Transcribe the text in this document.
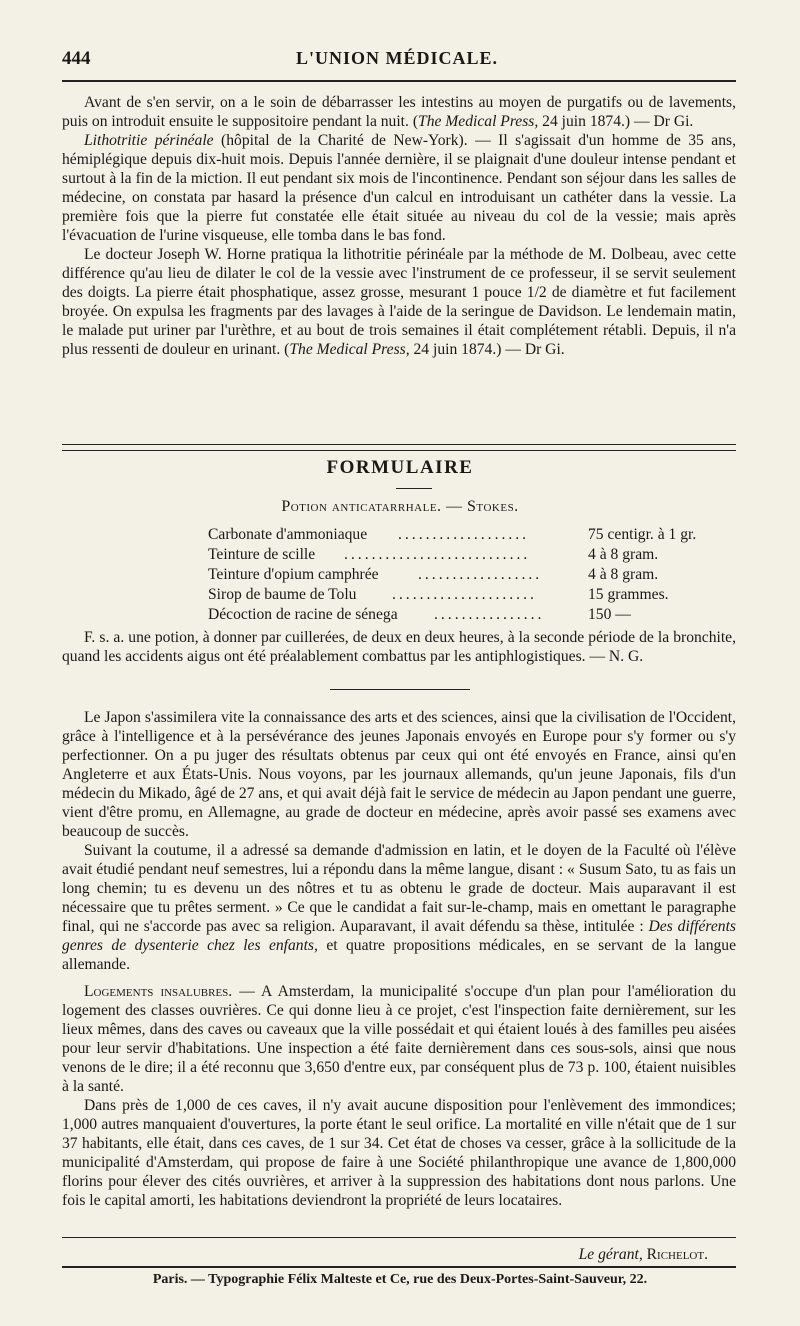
444	L'UNION MÉDICALE.

Avant de s'en servir, on a le soin de débarrasser les intestins au moyen de purgatifs ou de lavements, puis on introduit ensuite le suppositoire pendant la nuit. (The Medical Press, 24 juin 1874.) — Dr Gi.

Lithotritie périnéale (hôpital de la Charité de New-York). — Il s'agissait d'un homme de 35 ans, hémiplégique depuis dix-huit mois. Depuis l'année dernière, il se plaignait d'une douleur intense pendant et surtout à la fin de la miction. Il eut pendant six mois de l'incontinence. Pendant son séjour dans les salles de médecine, on constata par hasard la présence d'un calcul en introduisant un cathéter dans la vessie. La première fois que la pierre fut constatée elle était située au niveau du col de la vessie; mais après l'évacuation de l'urine visqueuse, elle tomba dans le bas fond.

Le docteur Joseph W. Horne pratiqua la lithotritie périnéale par la méthode de M. Dolbeau, avec cette différence qu'au lieu de dilater le col de la vessie avec l'instrument de ce professeur, il se servit seulement des doigts. La pierre était phosphatique, assez grosse, mesurant 1 pouce 1/2 de diamètre et fut facilement broyée. On expulsa les fragments par des lavages à l'aide de la seringue de Davidson. Le lendemain matin, le malade put uriner par l'urèthre, et au bout de trois semaines il était complétement rétabli. Depuis, il n'a plus ressenti de douleur en urinant. (The Medical Press, 24 juin 1874.) — Dr Gi.

FORMULAIRE
Potion anticatarrhale. — Stokes.
Carbonate d'ammoniaque ...................	75 centigr. à 1 gr.
Teinture de scille ...........................	4 à 8 gram.
Teinture d'opium camphrée	..................	4 à 8 gram.
Sirop de baume de Tolu .....................	15 grammes.
Décoction de racine de sénega ................	150 —

F. s. a. une potion, à donner par cuillerées, de deux en deux heures, à la seconde période de la bronchite, quand les accidents aigus ont été préalablement combattus par les antiphlogistiques. — N. G.

Le Japon s'assimilera vite la connaissance des arts et des sciences, ainsi que la civilisation de l'Occident, grâce à l'intelligence et à la persévérance des jeunes Japonais envoyés en Europe pour s'y former ou s'y perfectionner. On a pu juger des résultats obtenus par ceux qui ont été envoyés en France, ainsi qu'en Angleterre et aux États-Unis. Nous voyons, par les journaux allemands, qu'un jeune Japonais, fils d'un médecin du Mikado, âgé de 27 ans, et qui avait déjà fait le service de médecin au Japon pendant une guerre, vient d'être promu, en Allemagne, au grade de docteur en médecine, après avoir passé ses examens avec beaucoup de succès.

Suivant la coutume, il a adressé sa demande d'admission en latin, et le doyen de la Faculté où l'élève avait étudié pendant neuf semestres, lui a répondu dans la même langue, disant : « Susum Sato, tu as fais un long chemin; tu es devenu un des nôtres et tu as obtenu le grade de docteur. Mais auparavant il est nécessaire que tu prêtes serment. » Ce que le candidat a fait sur-le-champ, mais en omettant le paragraphe final, qui ne s'accorde pas avec sa religion. Auparavant, il avait défendu sa thèse, intitulée : Des différents genres de dysenterie chez les enfants, et quatre propositions médicales, en se servant de la langue allemande.

Logements insalubres. — A Amsterdam, la municipalité s'occupe d'un plan pour l'amélioration du logement des classes ouvrières. Ce qui donne lieu à ce projet, c'est l'inspection faite dernièrement, sur les lieux mêmes, dans des caves ou caveaux que la ville possédait et qui étaient loués à des familles peu aisées pour leur servir d'habitations. Une inspection a été faite dernièrement dans ces sous-sols, ainsi que nous venons de le dire; il a été reconnu que 3,650 d'entre eux, par conséquent plus de 73 p. 100, étaient nuisibles à la santé.

Dans près de 1,000 de ces caves, il n'y avait aucune disposition pour l'enlèvement des immondices; 1,000 autres manquaient d'ouvertures, la porte étant le seul orifice. La mortalité en ville n'était que de 1 sur 37 habitants, elle était, dans ces caves, de 1 sur 34. Cet état de choses va cesser, grâce à la sollicitude de la municipalité d'Amsterdam, qui propose de faire à une Société philanthropique une avance de 1,800,000 florins pour élever des cités ouvrières, et arriver à la suppression des habitations dont nous parlons. Une fois le capital amorti, les habitations deviendront la propriété de leurs locataires.

Le gérant, Richelot.
Paris. — Typographie Félix Malteste et Ce, rue des Deux-Portes-Saint-Sauveur, 22.
